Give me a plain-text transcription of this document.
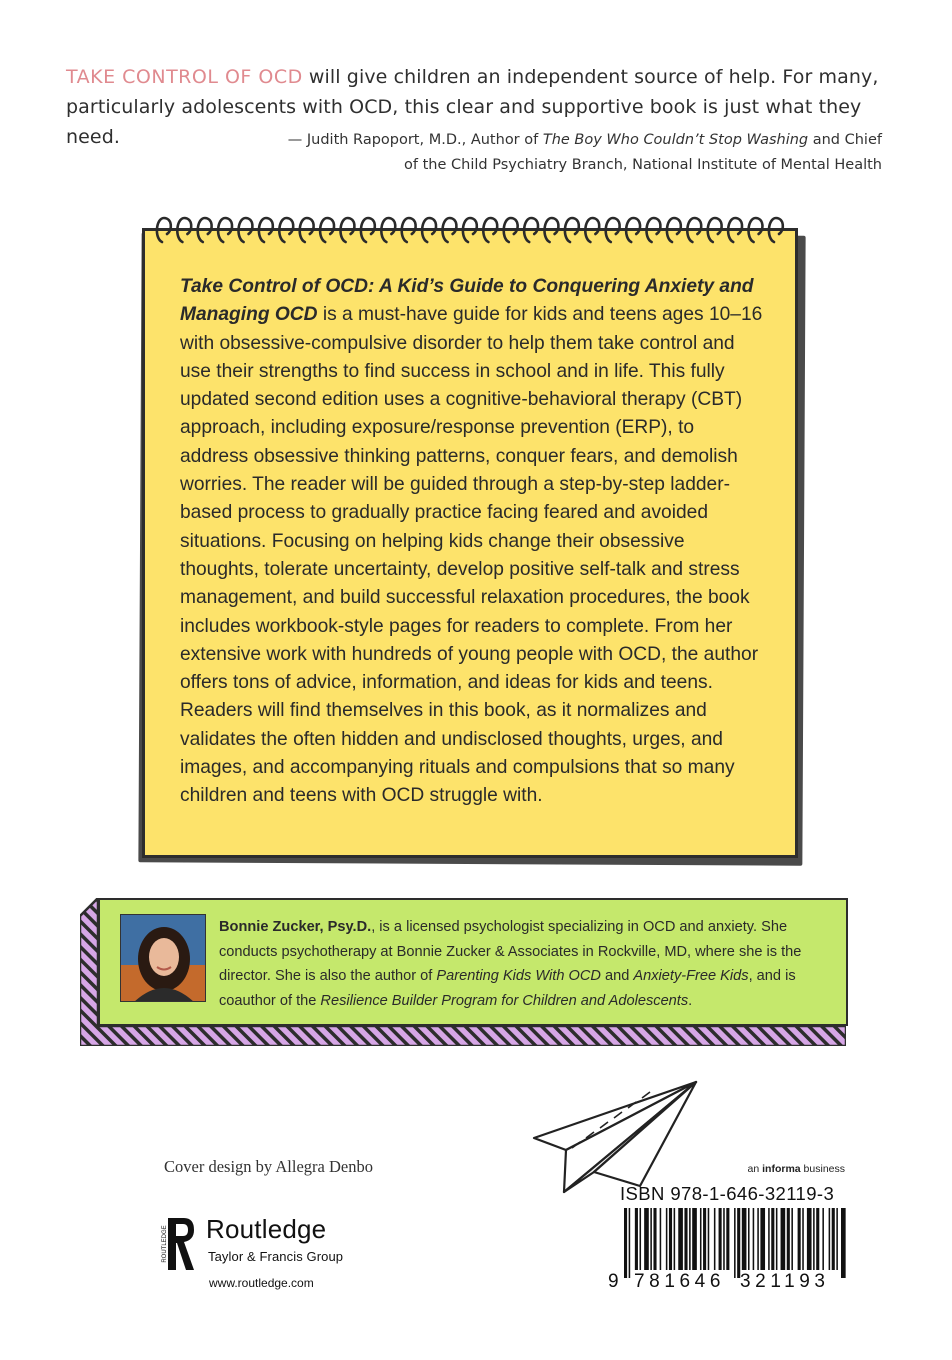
TAKE CONTROL OF OCD will give children an independent source of help. For many, particularly adolescents with OCD, this clear and supportive book is just what they need.	— Judith Rapoport, M.D., Author of The Boy Who Couldn’t Stop Washing and Chief of the Child Psychiatry Branch, National Institute of Mental Health
Take Control of OCD: A Kid’s Guide to Conquering Anxiety and Managing OCD is a must-have guide for kids and teens ages 10–16 with obsessive-compulsive disorder to help them take control and use their strengths to find success in school and in life. This fully updated second edition uses a cognitive-behavioral therapy (CBT) approach, including exposure/response prevention (ERP), to address obsessive thinking patterns, conquer fears, and demolish worries. The reader will be guided through a step-by-step ladder-based process to gradually practice facing feared and avoided situations. Focusing on helping kids change their obsessive thoughts, tolerate uncertainty, develop positive self-talk and stress management, and build successful relaxation procedures, the book includes workbook-style pages for readers to complete. From her extensive work with hundreds of young people with OCD, the author offers tons of advice, information, and ideas for kids and teens. Readers will find themselves in this book, as it normalizes and validates the often hidden and undisclosed thoughts, urges, and images, and accompanying rituals and compulsions that so many children and teens with OCD struggle with.
Bonnie Zucker, Psy.D., is a licensed psychologist specializing in OCD and anxiety. She conducts psychotherapy at Bonnie Zucker & Associates in Rockville, MD, where she is the director. She is also the author of Parenting Kids With OCD and Anxiety-Free Kids, and is coauthor of the Resilience Builder Program for Children and Adolescents.
Cover design by Allegra Denbo	an informa business
ROUTLEDGE Routledge
Taylor & Francis Group
www.routledge.com
ISBN 978-1-646-32119-3
9 781646 321193
